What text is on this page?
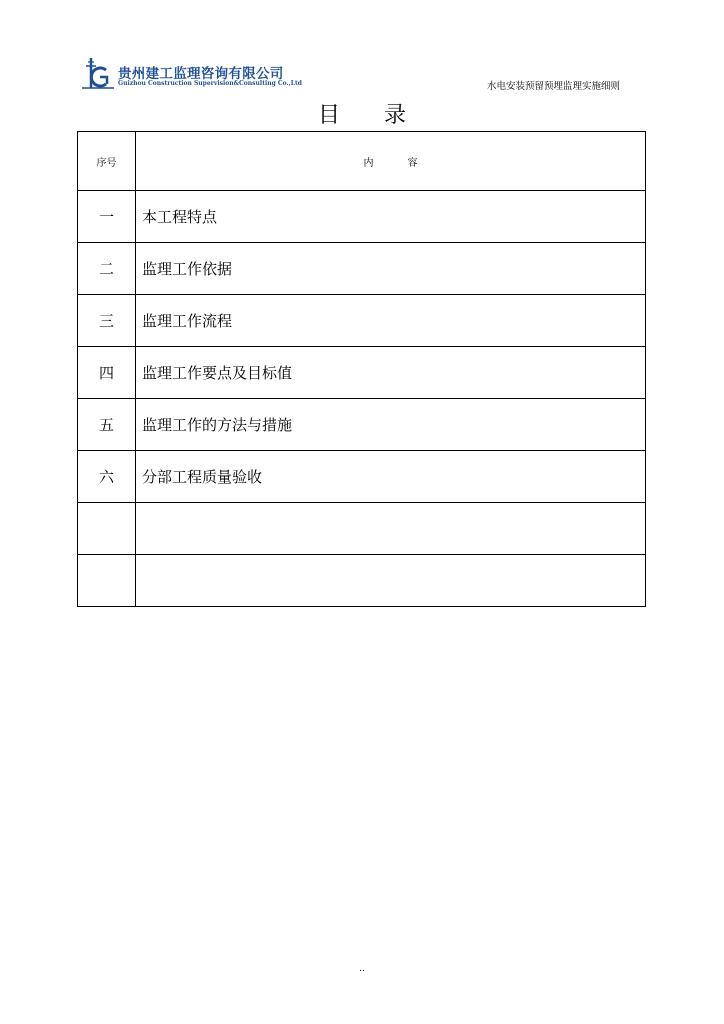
贵州建工监理咨询有限公司
Guizhou Construction Supervision&Consulting Co.,Ltd	水电安装预留预埋监理实施细则
目 录
序号	内 容
一	本工程特点
二	监理工作依据
三	监理工作流程
四	监理工作要点及目标值
五	监理工作的方法与措施
六	分部工程质量验收

..
